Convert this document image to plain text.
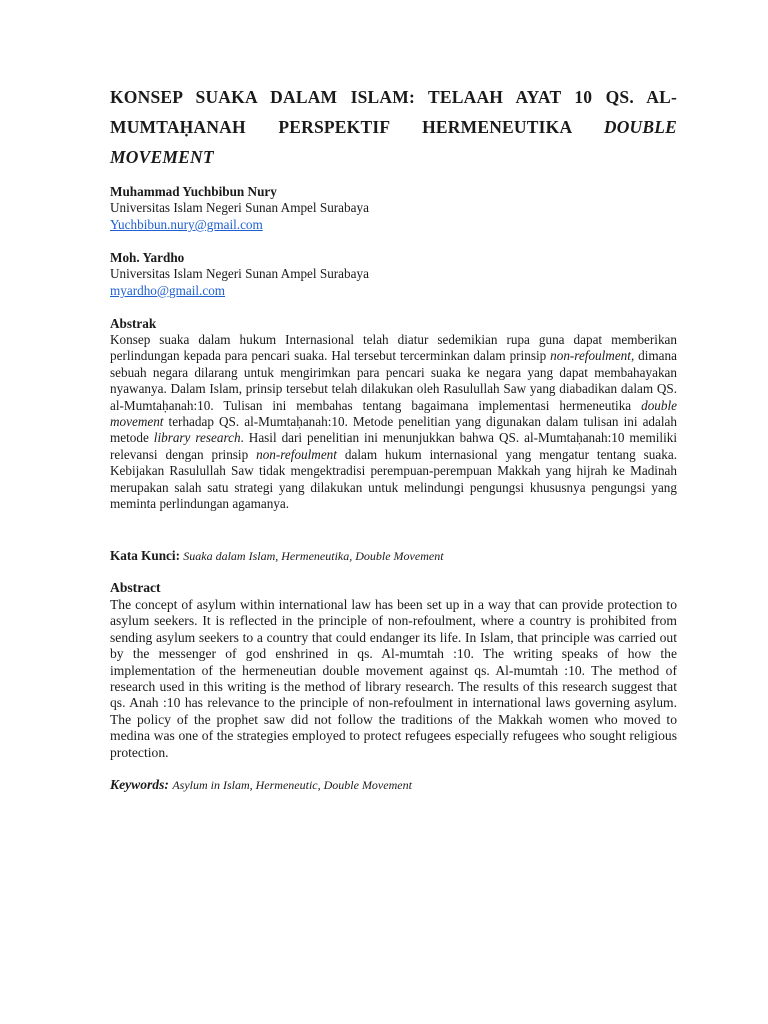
KONSEP SUAKA DALAM ISLAM: TELAAH AYAT 10 QS. AL-
MUMTAḤANAH PERSPEKTIF HERMENEUTIKA DOUBLE
MOVEMENT
Muhammad Yuchbibun Nury
Universitas Islam Negeri Sunan Ampel Surabaya
Yuchbibun.nury@gmail.com
Moh. Yardho
Universitas Islam Negeri Sunan Ampel Surabaya
myardho@gmail.com
Abstrak
Konsep suaka dalam hukum Internasional telah diatur sedemikian rupa guna dapat memberikan perlindungan kepada para pencari suaka. Hal tersebut tercerminkan dalam prinsip non-refoulment, dimana sebuah negara dilarang untuk mengirimkan para pencari suaka ke negara yang dapat membahayakan nyawanya. Dalam Islam, prinsip tersebut telah dilakukan oleh Rasulullah Saw yang diabadikan dalam QS. al-Mumtaḥanah:10. Tulisan ini membahas tentang bagaimana implementasi hermeneutika double movement terhadap QS. al-Mumtaḥanah:10. Metode penelitian yang digunakan dalam tulisan ini adalah metode library research. Hasil dari penelitian ini menunjukkan bahwa QS. al-Mumtaḥanah:10 memiliki relevansi dengan prinsip non-refoulment dalam hukum internasional yang mengatur tentang suaka. Kebijakan Rasulullah Saw tidak mengektradisi perempuan-perempuan Makkah yang hijrah ke Madinah merupakan salah satu strategi yang dilakukan untuk melindungi pengungsi khususnya pengungsi yang meminta perlindungan agamanya.
Kata Kunci: Suaka dalam Islam, Hermeneutika, Double Movement
Abstract
The concept of asylum within international law has been set up in a way that can provide protection to asylum seekers. It is reflected in the principle of non-refoulment, where a country is prohibited from sending asylum seekers to a country that could endanger its life. In Islam, that principle was carried out by the messenger of god enshrined in qs. Al-mumtah :10. The writing speaks of how the implementation of the hermeneutian double movement against qs. Al-mumtah :10. The method of research used in this writing is the method of library research. The results of this research suggest that qs. Anah :10 has relevance to the principle of non-refoulment in international laws governing asylum. The policy of the prophet saw did not follow the traditions of the Makkah women who moved to medina was one of the strategies employed to protect refugees especially refugees who sought religious protection.
Keywords: Asylum in Islam, Hermeneutic, Double Movement
